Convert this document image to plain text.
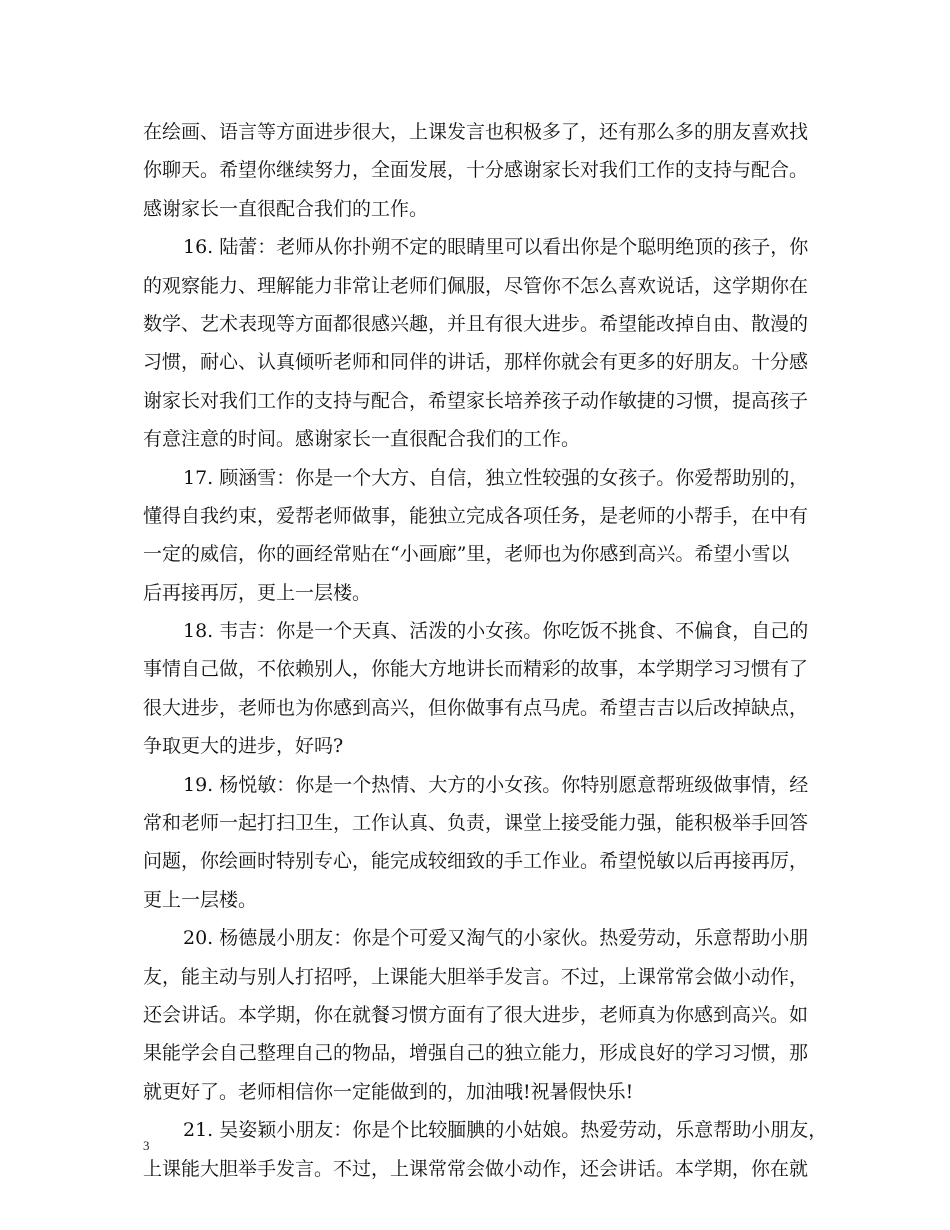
在绘画、语言等方面进步很大，上课发言也积极多了，还有那么多的朋友喜欢找
你聊天。希望你继续努力，全面发展，十分感谢家长对我们工作的支持与配合。
感谢家长一直很配合我们的工作。
16. 陆蕾：老师从你扑朔不定的眼睛里可以看出你是个聪明绝顶的孩子，你
的观察能力、理解能力非常让老师们佩服，尽管你不怎么喜欢说话，这学期你在
数学、艺术表现等方面都很感兴趣，并且有很大进步。希望能改掉自由、散漫的
习惯，耐心、认真倾听老师和同伴的讲话，那样你就会有更多的好朋友。十分感
谢家长对我们工作的支持与配合，希望家长培养孩子动作敏捷的习惯，提高孩子
有意注意的时间。感谢家长一直很配合我们的工作。
17. 顾涵雪：你是一个大方、自信，独立性较强的女孩子。你爱帮助别的，
懂得自我约束，爱帮老师做事，能独立完成各项任务，是老师的小帮手，在中有
一定的威信，你的画经常贴在“小画廊”里，老师也为你感到高兴。希望小雪以
后再接再厉，更上一层楼。
18. 韦吉：你是一个天真、活泼的小女孩。你吃饭不挑食、不偏食，自己的
事情自己做，不依赖别人，你能大方地讲长而精彩的故事，本学期学习习惯有了
很大进步，老师也为你感到高兴，但你做事有点马虎。希望吉吉以后改掉缺点，
争取更大的进步，好吗?
19. 杨悦敏：你是一个热情、大方的小女孩。你特别愿意帮班级做事情，经
常和老师一起打扫卫生，工作认真、负责，课堂上接受能力强，能积极举手回答
问题，你绘画时特别专心，能完成较细致的手工作业。希望悦敏以后再接再厉，
更上一层楼。
20. 杨德晟小朋友：你是个可爱又淘气的小家伙。热爱劳动，乐意帮助小朋
友，能主动与别人打招呼，上课能大胆举手发言。不过，上课常常会做小动作，
还会讲话。本学期，你在就餐习惯方面有了很大进步，老师真为你感到高兴。如
果能学会自己整理自己的物品，增强自己的独立能力，形成良好的学习习惯，那
就更好了。老师相信你一定能做到的，加油哦!祝暑假快乐!
21. 吴姿颖小朋友：你是个比较腼腆的小姑娘。热爱劳动，乐意帮助小朋友，
上课能大胆举手发言。不过，上课常常会做小动作，还会讲话。本学期，你在就
3
